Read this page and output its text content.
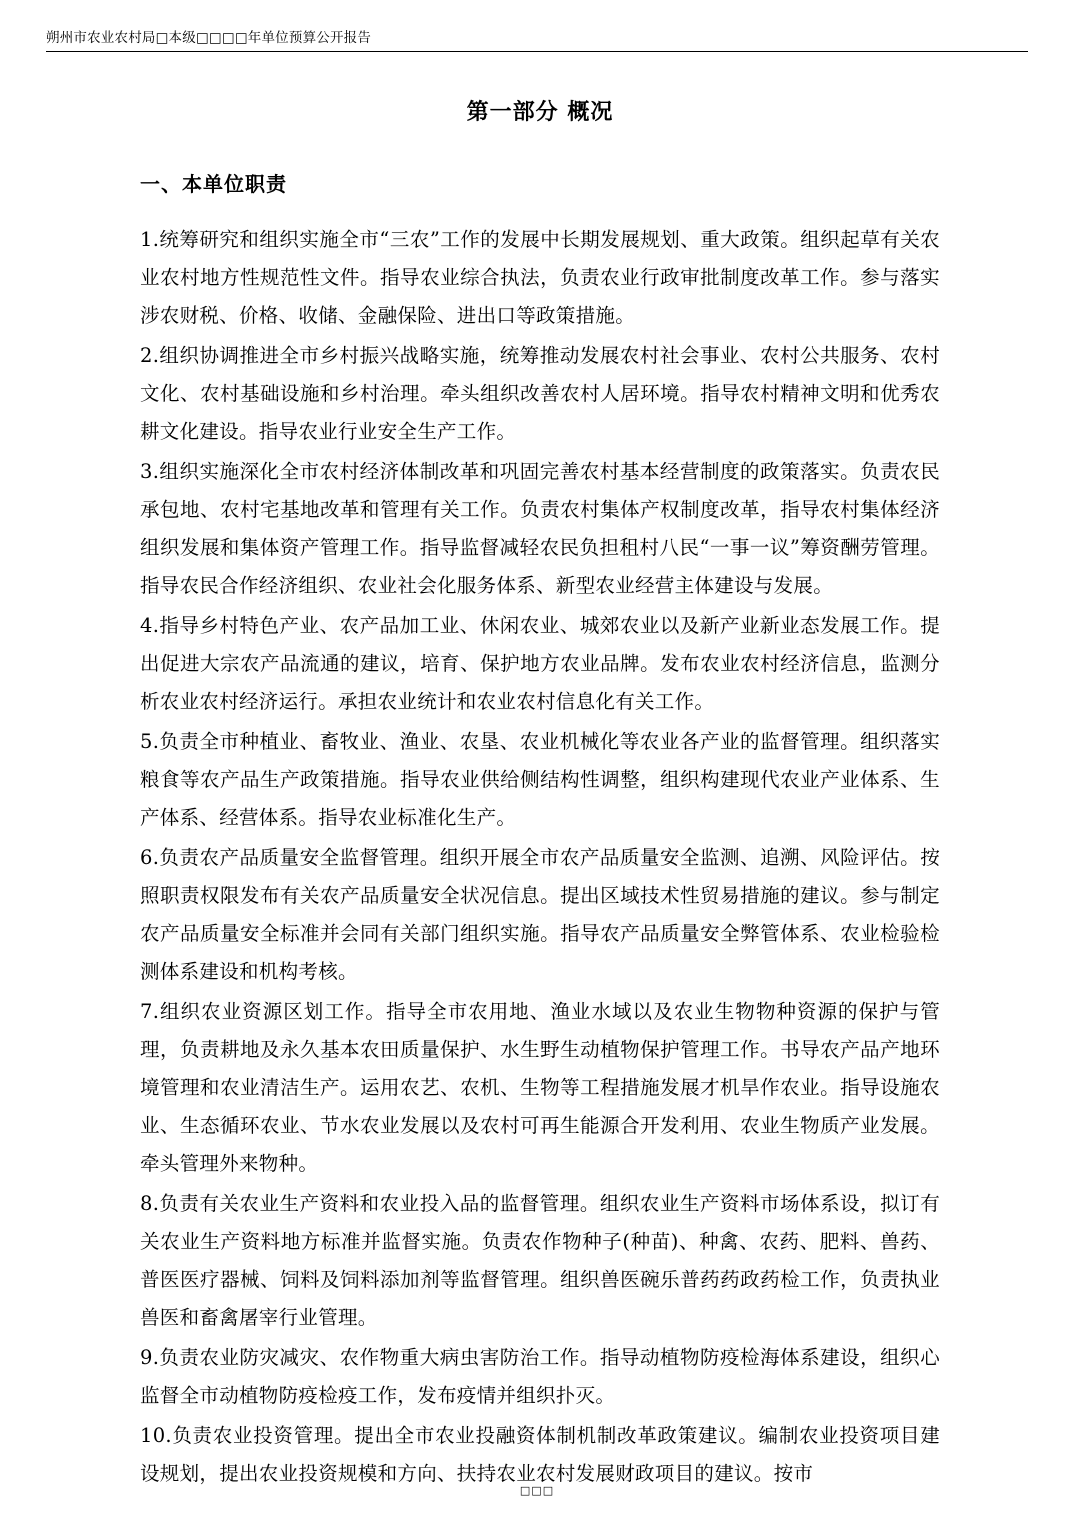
朔州市农业农村局□本级□□□□年单位预算公开报告
第一部分 概况
一、本单位职责

1.统筹研究和组织实施全市“三农”工作的发展中长期发展规划、重大政策。组织起草有关农业农村地方性规范性文件。指导农业综合执法，负责农业行政审批制度改革工作。参与落实涉农财税、价格、收储、金融保险、进出口等政策措施。

2.组织协调推进全市乡村振兴战略实施，统筹推动发展农村社会事业、农村公共服务、农村文化、农村基础设施和乡村治理。牵头组织改善农村人居环境。指导农村精神文明和优秀农耕文化建设。指导农业行业安全生产工作。

3.组织实施深化全市农村经济体制改革和巩固完善农村基本经营制度的政策落实。负责农民承包地、农村宅基地改革和管理有关工作。负责农村集体产权制度改革，指导农村集体经济组织发展和集体资产管理工作。指导监督减轻农民负担租村八民“一事一议”筹资酬劳管理。指导农民合作经济组织、农业社会化服务体系、新型农业经营主体建设与发展。

4.指导乡村特色产业、农产品加工业、休闲农业、城郊农业以及新产业新业态发展工作。提出促进大宗农产品流通的建议，培育、保护地方农业品牌。发布农业农村经济信息，监测分析农业农村经济运行。承担农业统计和农业农村信息化有关工作。

5.负责全市种植业、畜牧业、渔业、农垦、农业机械化等农业各产业的监督管理。组织落实粮食等农产品生产政策措施。指导农业供给侧结构性调整，组织构建现代农业产业体系、生产体系、经营体系。指导农业标准化生产。

6.负责农产品质量安全监督管理。组织开展全市农产品质量安全监测、追溯、风险评估。按照职责权限发布有关农产品质量安全状况信息。提出区域技术性贸易措施的建议。参与制定农产品质量安全标准并会同有关部门组织实施。指导农产品质量安全弊管体系、农业检验检测体系建设和机构考核。

7.组织农业资源区划工作。指导全市农用地、渔业水域以及农业生物物种资源的保护与管理，负责耕地及永久基本农田质量保护、水生野生动植物保护管理工作。书导农产品产地环境管理和农业清洁生产。运用农艺、农机、生物等工程措施发展才机旱作农业。指导设施农业、生态循环农业、节水农业发展以及农村可再生能源合开发利用、农业生物质产业发展。牵头管理外来物种。

8.负责有关农业生产资料和农业投入品的监督管理。组织农业生产资料市场体系设，拟订有关农业生产资料地方标准并监督实施。负责农作物种子(种苗)、种禽、农药、肥料、兽药、普医医疗器械、饲料及饲料添加剂等监督管理。组织兽医碗乐普药药政药检工作，负责执业兽医和畜禽屠宰行业管理。

9.负责农业防灾减灾、农作物重大病虫害防治工作。指导动植物防疫检海体系建设，组织心监督全市动植物防疫检疫工作，发布疫情并组织扑灭。

10.负责农业投资管理。提出全市农业投融资体制机制改革政策建议。编制农业投资项目建设规划，提出农业投资规模和方向、扶持农业农村发展财政项目的建议。按市

□□□
